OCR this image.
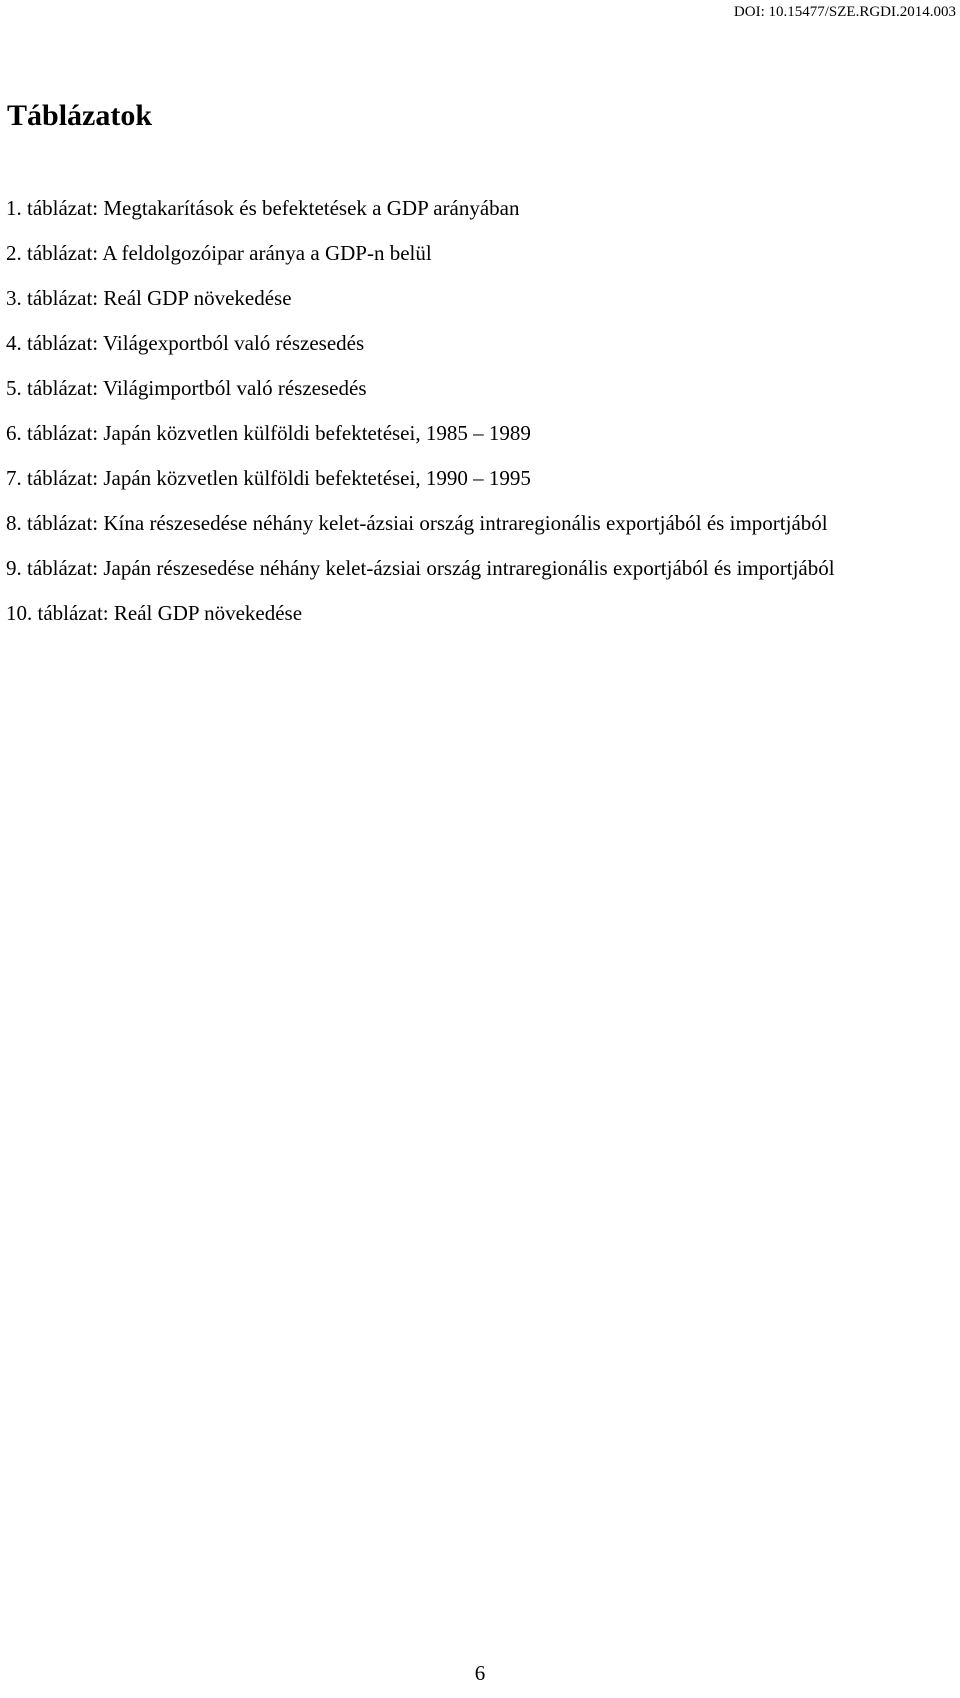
DOI: 10.15477/SZE.RGDI.2014.003
Táblázatok
1. táblázat: Megtakarítások és befektetések a GDP arányában
2. táblázat: A feldolgozóipar aránya a GDP-n belül
3. táblázat: Reál GDP növekedése
4. táblázat: Világexportból való részesedés
5. táblázat: Világimportból való részesedés
6. táblázat: Japán közvetlen külföldi befektetései, 1985 – 1989
7. táblázat: Japán közvetlen külföldi befektetései, 1990 – 1995
8. táblázat: Kína részesedése néhány kelet-ázsiai ország intraregionális exportjából és importjából
9. táblázat: Japán részesedése néhány kelet-ázsiai ország intraregionális exportjából és importjából
10. táblázat: Reál GDP növekedése
6
